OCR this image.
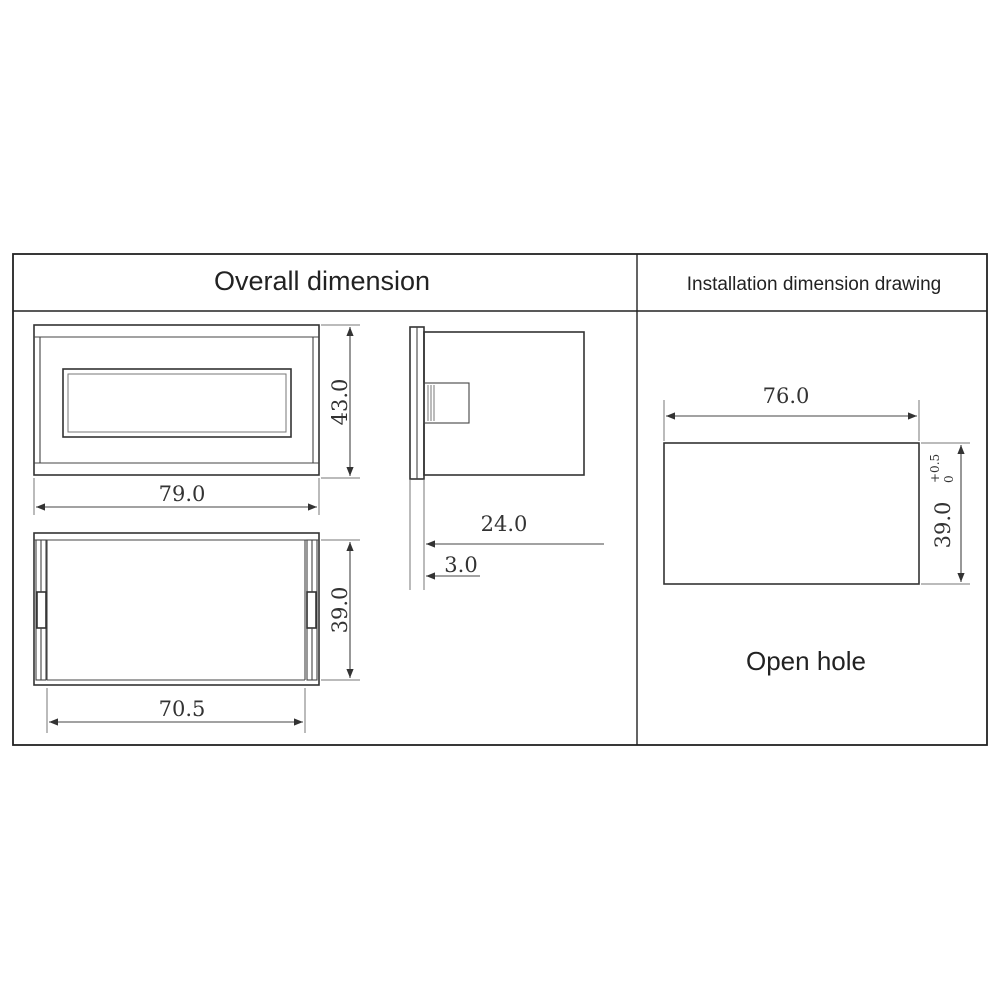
Overall dimension	Installation dimension drawing
79.0
43.0
39.0
70.5
24.0
3.0
76.0
39.0
+0.5 0
Open hole
